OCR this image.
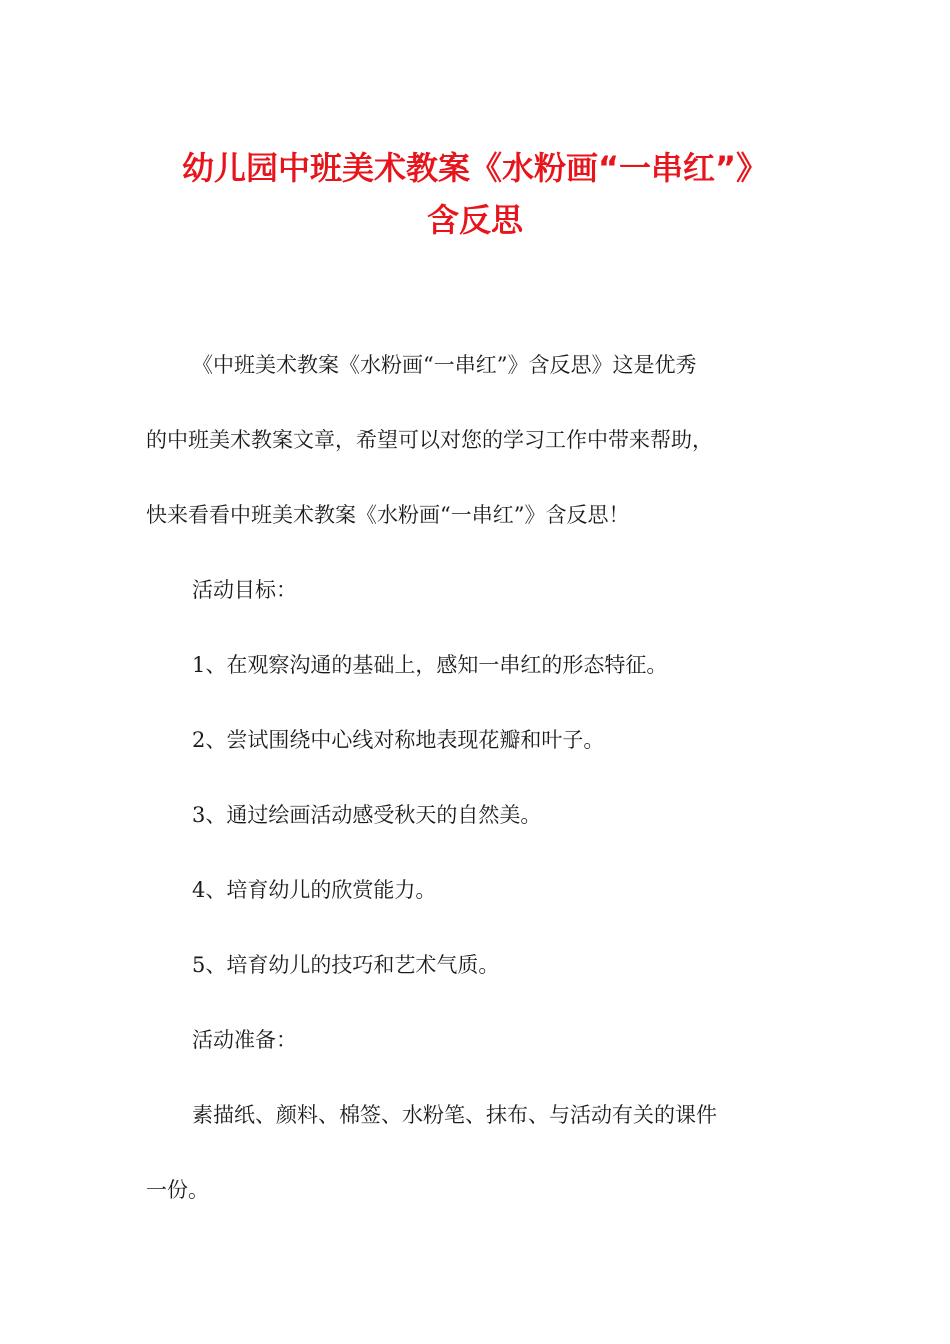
幼儿园中班美术教案《水粉画“一串红”》
含反思

《中班美术教案《水粉画“一串红”》含反思》这是优秀
的中班美术教案文章，希望可以对您的学习工作中带来帮助，
快来看看中班美术教案《水粉画“一串红”》含反思！

活动目标：

1、在观察沟通的基础上，感知一串红的形态特征。

2、尝试围绕中心线对称地表现花瓣和叶子。

3、通过绘画活动感受秋天的自然美。

4、培育幼儿的欣赏能力。

5、培育幼儿的技巧和艺术气质。

活动准备：

素描纸、颜料、棉签、水粉笔、抹布、与活动有关的课件
一份。
